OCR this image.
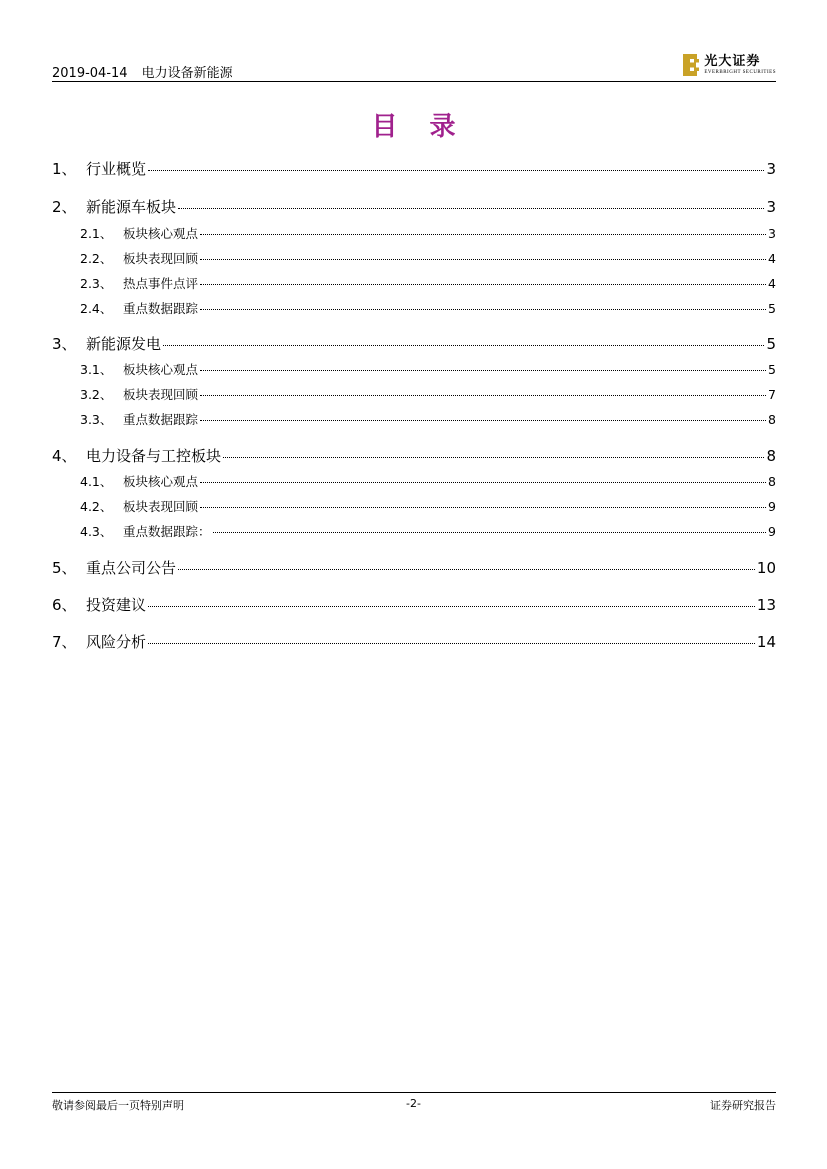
2019-04-14 电力设备新能源
光大证券
EVERBRIGHT SECURITIES
目录
1、 行业概览	3
2、 新能源车板块	3
2.1、 板块核心观点	3
2.2、 板块表现回顾	4
2.3、 热点事件点评	4
2.4、 重点数据跟踪	5
3、 新能源发电	5
3.1、 板块核心观点	5
3.2、 板块表现回顾	7
3.3、 重点数据跟踪	8
4、 电力设备与工控板块	8
4.1、 板块核心观点	8
4.2、 板块表现回顾	9
4.3、 重点数据跟踪：	9
5、 重点公司公告	10
6、 投资建议	13
7、 风险分析	14
敬请参阅最后一页特别声明	-2-	证券研究报告
